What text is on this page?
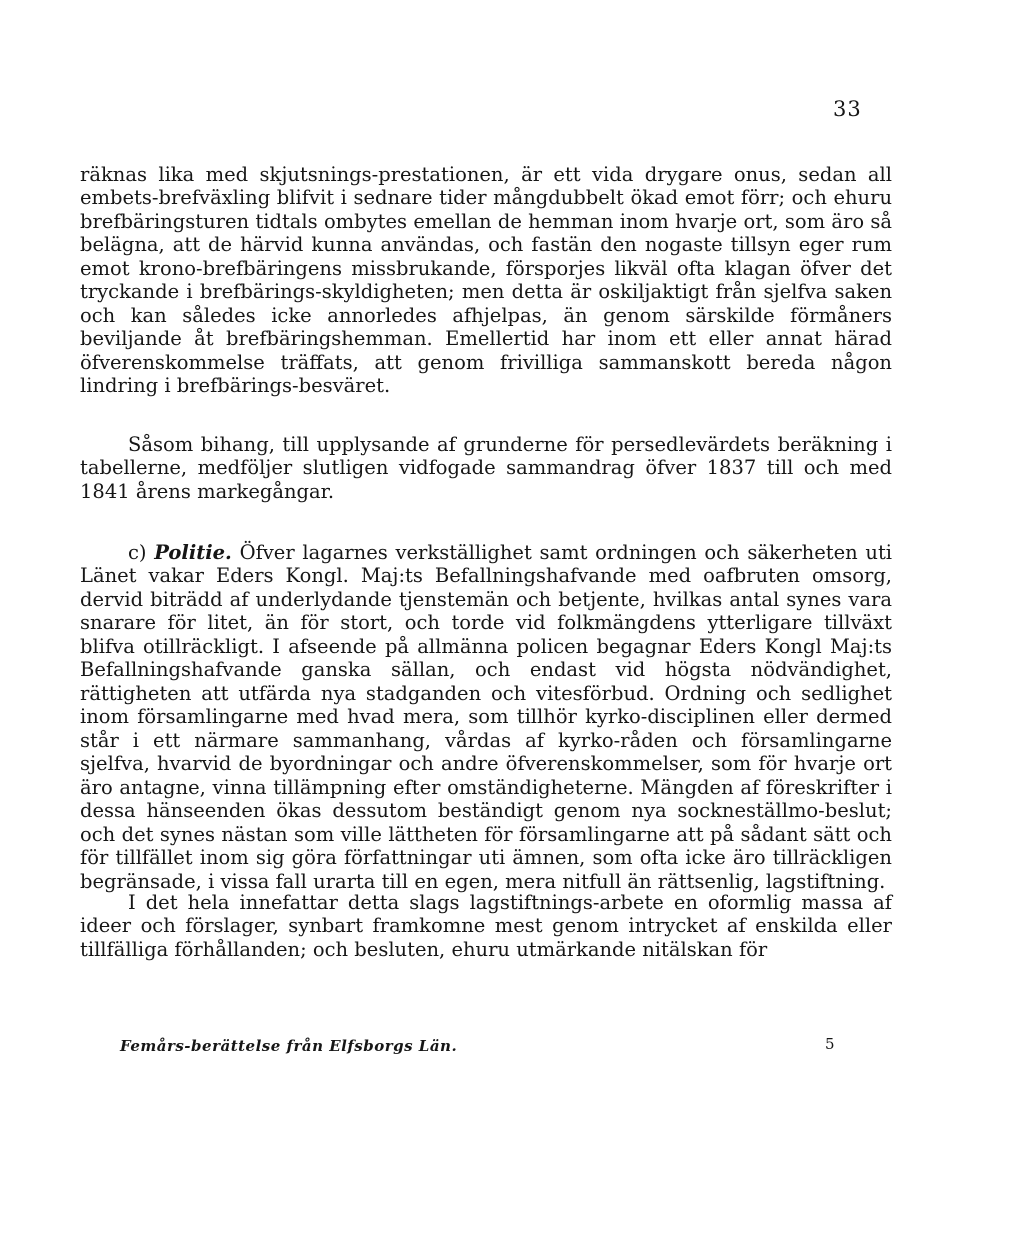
33

räknas lika med skjutsnings-prestationen, är ett vida drygare onus, sedan all embets-brefväxling blifvit i sednare tider mångdubbelt ökad emot förr; och ehuru brefbäringsturen tidtals ombytes emellan de hemman inom hvarje ort, som äro så belägna, att de härvid kunna användas, och fastän den nogaste tillsyn eger rum emot krono-brefbäringens missbrukande, försporjes likväl ofta klagan öfver det tryckande i brefbärings-skyldigheten; men detta är oskiljaktigt från sjelfva saken och kan således icke annorledes afhjelpas, än genom särskilde förmåners beviljande åt brefbäringshemman. Emellertid har inom ett eller annat härad öfverenskommelse träffats, att genom frivilliga sammanskott bereda någon lindring i brefbärings-besväret.

Såsom bihang, till upplysande af grunderne för persedlevärdets beräkning i tabellerne, medföljer slutligen vidfogade sammandrag öfver 1837 till och med 1841 årens markegångar.

c) Politie. Öfver lagarnes verkställighet samt ordningen och säkerheten uti Länet vakar Eders Kongl. Maj:ts Befallningshafvande med oafbruten omsorg, dervid biträdd af underlydande tjenstemän och betjente, hvilkas antal synes vara snarare för litet, än för stort, och torde vid folkmängdens ytterligare tillväxt blifva otillräckligt. I afseende på allmänna policen begagnar Eders Kongl Maj:ts Befallningshafvande ganska sällan, och endast vid högsta nödvändighet, rättigheten att utfärda nya stadganden och vitesförbud. Ordning och sedlighet inom församlingarne med hvad mera, som tillhör kyrko-disciplinen eller dermed står i ett närmare sammanhang, vårdas af kyrko-råden och församlingarne sjelfva, hvarvid de byordningar och andre öfverenskommelser, som för hvarje ort äro antagne, vinna tillämpning efter omständigheterne. Mängden af föreskrifter i dessa hänseenden ökas dessutom beständigt genom nya sockneställmo-beslut; och det synes nästan som ville lättheten för församlingarne att på sådant sätt och för tillfället inom sig göra författningar uti ämnen, som ofta icke äro tillräckligen begränsade, i vissa fall urarta till en egen, mera nitfull än rättsenlig, lagstiftning.

I det hela innefattar detta slags lagstiftnings-arbete en oformlig massa af ideer och förslager, synbart framkomne mest genom intrycket af enskilda eller tillfälliga förhållanden; och besluten, ehuru utmärkande nitälskan för

Femårs-berättelse från Elfsborgs Län.	5
